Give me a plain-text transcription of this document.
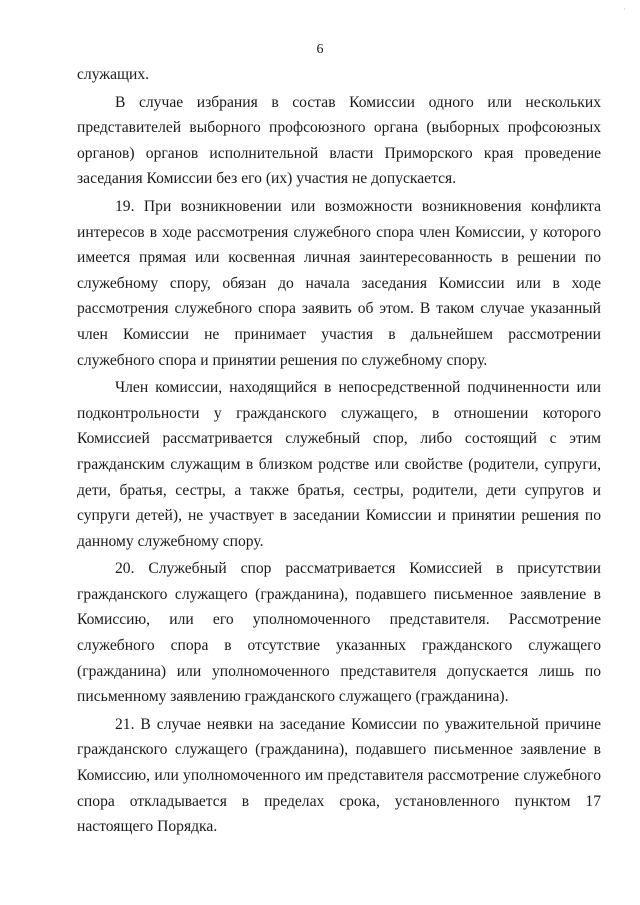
·
6

служащих.

В случае избрания в состав Комиссии одного или нескольких представителей выборного профсоюзного органа (выборных профсоюзных органов) органов исполнительной власти Приморского края проведение заседания Комиссии без его (их) участия не допускается.

19. При возникновении или возможности возникновения конфликта интересов в ходе рассмотрения служебного спора член Комиссии, у которого имеется прямая или косвенная личная заинтересованность в решении по служебному спору, обязан до начала заседания Комиссии или в ходе рассмотрения служебного спора заявить об этом. В таком случае указанный член Комиссии не принимает участия в дальнейшем рассмотрении служебного спора и принятии решения по служебному спору.

Член комиссии, находящийся в непосредственной подчиненности или подконтрольности у гражданского служащего, в отношении которого Комиссией рассматривается служебный спор, либо состоящий с этим гражданским служащим в близком родстве или свойстве (родители, супруги, дети, братья, сестры, а также братья, сестры, родители, дети супругов и супруги детей), не участвует в заседании Комиссии и принятии решения по данному служебному спору.

20. Служебный спор рассматривается Комиссией в присутствии гражданского служащего (гражданина), подавшего письменное заявление в Комиссию, или его уполномоченного представителя. Рассмотрение служебного спора в отсутствие указанных гражданского служащего (гражданина) или уполномоченного представителя допускается лишь по письменному заявлению гражданского служащего (гражданина).

21. В случае неявки на заседание Комиссии по уважительной причине гражданского служащего (гражданина), подавшего письменное заявление в Комиссию, или уполномоченного им представителя рассмотрение служебного спора откладывается в пределах срока, установленного пунктом 17 настоящего Порядка.
